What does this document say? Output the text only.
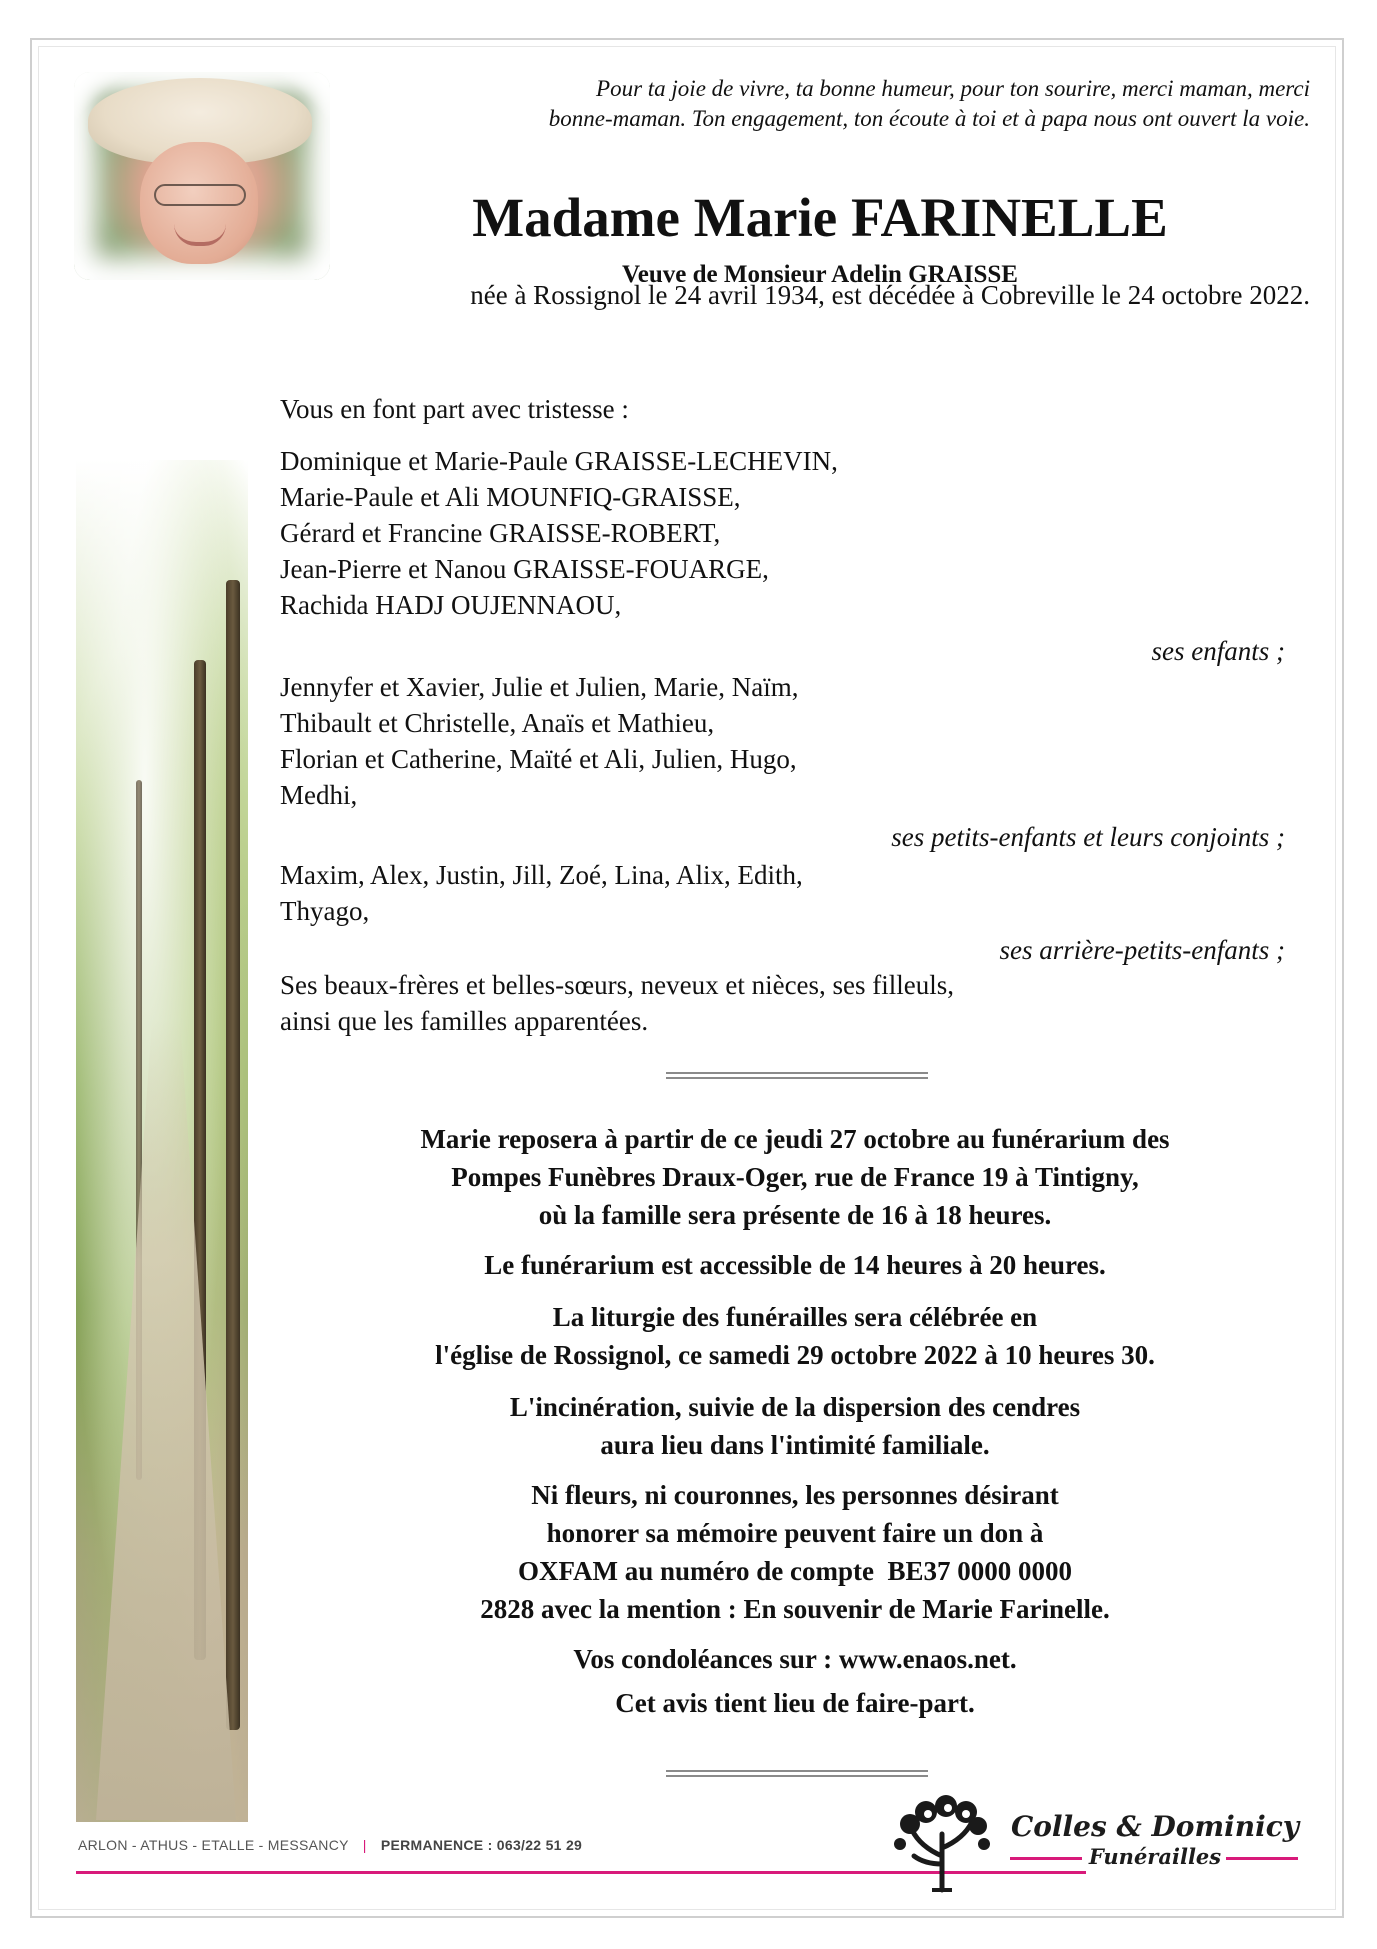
Pour ta joie de vivre, ta bonne humeur, pour ton sourire, merci maman, merci
bonne-maman. Ton engagement, ton écoute à toi et à papa nous ont ouvert la voie.
Madame Marie FARINELLE
Veuve de Monsieur Adelin GRAISSE
née à Rossignol le 24 avril 1934, est décédée à Cobreville le 24 octobre 2022.
Vous en font part avec tristesse :
Dominique et Marie-Paule GRAISSE-LECHEVIN,
Marie-Paule et Ali MOUNFIQ-GRAISSE,
Gérard et Francine GRAISSE-ROBERT,
Jean-Pierre et Nanou GRAISSE-FOUARGE,
Rachida HADJ OUJENNAOU,
ses enfants ;
Jennyfer et Xavier, Julie et Julien, Marie, Naïm,
Thibault et Christelle, Anaïs et Mathieu,
Florian et Catherine, Maïté et Ali, Julien, Hugo,
Medhi,
ses petits-enfants et leurs conjoints ;
Maxim, Alex, Justin, Jill, Zoé, Lina, Alix, Edith,
Thyago,
ses arrière-petits-enfants ;
Ses beaux-frères et belles-sœurs, neveux et nièces, ses filleuls,
ainsi que les familles apparentées.
Marie reposera à partir de ce jeudi 27 octobre au funérarium des
Pompes Funèbres Draux-Oger, rue de France 19 à Tintigny,
où la famille sera présente de 16 à 18 heures.
Le funérarium est accessible de 14 heures à 20 heures.
La liturgie des funérailles sera célébrée en
l'église de Rossignol, ce samedi 29 octobre 2022 à 10 heures 30.
L'incinération, suivie de la dispersion des cendres
aura lieu dans l'intimité familiale.
Ni fleurs, ni couronnes, les personnes désirant
honorer sa mémoire peuvent faire un don à
OXFAM au numéro de compte  BE37 0000 0000
2828 avec la mention : En souvenir de Marie Farinelle.
Vos condoléances sur : www.enaos.net.
Cet avis tient lieu de faire-part.
ARLON - ATHUS - ETALLE - MESSANCY | PERMANENCE : 063/22 51 29
Colles & Dominicy
Funérailles
